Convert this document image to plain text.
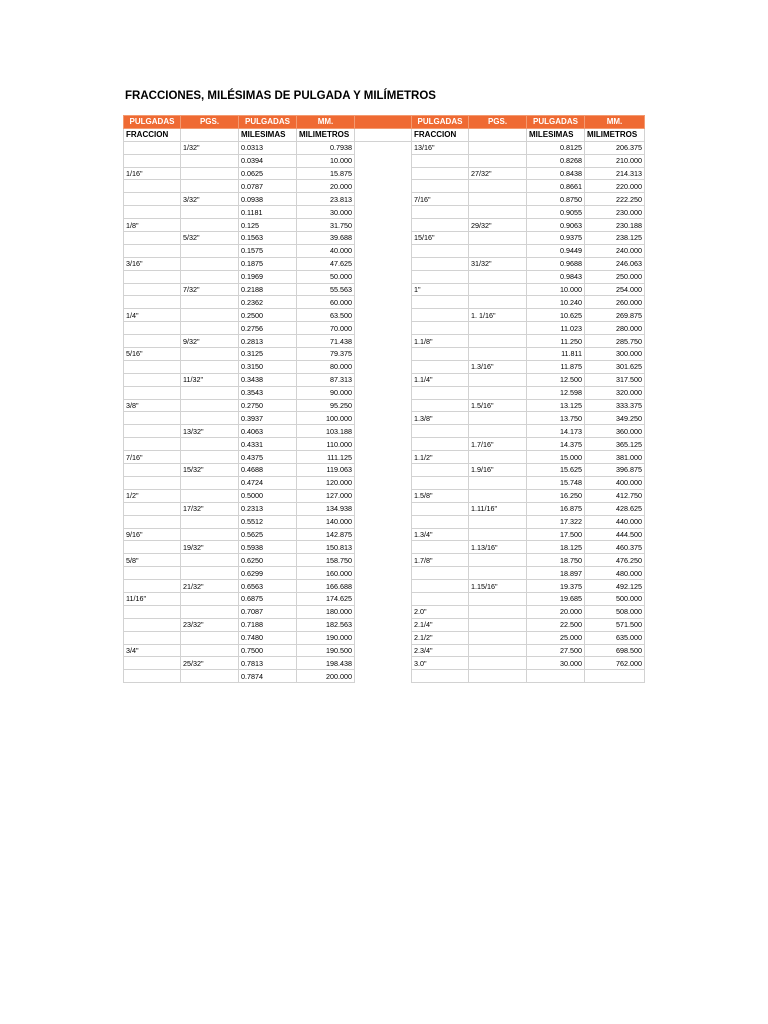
FRACCIONES, MILÉSIMAS DE PULGADA Y MILÍMETROS
PULGADAS	PGS.	PULGADAS	MM.		PULGADAS	PGS.	PULGADAS	MM.
FRACCION		MILESIMAS	MILIMETROS		FRACCION		MILESIMAS	MILIMETROS
	1/32"	0.0313	0.7938		13/16"		0.8125	206.375
		0.0394	10.000				0.8268	210.000
1/16"		0.0625	15.875			27/32"	0.8438	214.313
		0.0787	20.000				0.8661	220.000
	3/32"	0.0938	23.813		7/16"		0.8750	222.250
		0.1181	30.000				0.9055	230.000
1/8"		0.125	31.750			29/32"	0.9063	230.188
	5/32"	0.1563	39.688		15/16"		0.9375	238.125
		0.1575	40.000				0.9449	240.000
3/16"		0.1875	47.625			31/32"	0.9688	246.063
		0.1969	50.000				0.9843	250.000
	7/32"	0.2188	55.563		1"		10.000	254.000
		0.2362	60.000				10.240	260.000
1/4"		0.2500	63.500			1. 1/16"	10.625	269.875
		0.2756	70.000				11.023	280.000
	9/32"	0.2813	71.438		1.1/8"		11.250	285.750
5/16"		0.3125	79.375				11.811	300.000
		0.3150	80.000			1.3/16"	11.875	301.625
	11/32"	0.3438	87.313		1.1/4"		12.500	317.500
		0.3543	90.000				12.598	320.000
3/8"		0.2750	95.250			1.5/16"	13.125	333.375
		0.3937	100.000		1.3/8"		13.750	349.250
	13/32"	0.4063	103.188				14.173	360.000
		0.4331	110.000			1.7/16"	14.375	365.125
7/16"		0.4375	111.125		1.1/2"		15.000	381.000
	15/32"	0.4688	119.063			1.9/16"	15.625	396.875
		0.4724	120.000				15.748	400.000
1/2"		0.5000	127.000		1.5/8"		16.250	412.750
	17/32"	0.2313	134.938			1.11/16"	16.875	428.625
		0.5512	140.000				17.322	440.000
9/16"		0.5625	142.875		1.3/4"		17.500	444.500
	19/32"	0.5938	150.813			1.13/16"	18.125	460.375
5/8"		0.6250	158.750		1.7/8"		18.750	476.250
		0.6299	160.000				18.897	480.000
	21/32"	0.6563	166.688			1.15/16"	19.375	492.125
11/16"		0.6875	174.625				19.685	500.000
		0.7087	180.000		2.0"		20.000	508.000
	23/32"	0.7188	182.563		2.1/4"		22.500	571.500
		0.7480	190.000		2.1/2"		25.000	635.000
3/4"		0.7500	190.500		2.3/4"		27.500	698.500
	25/32"	0.7813	198.438		3.0"		30.000	762.000
		0.7874	200.000					
